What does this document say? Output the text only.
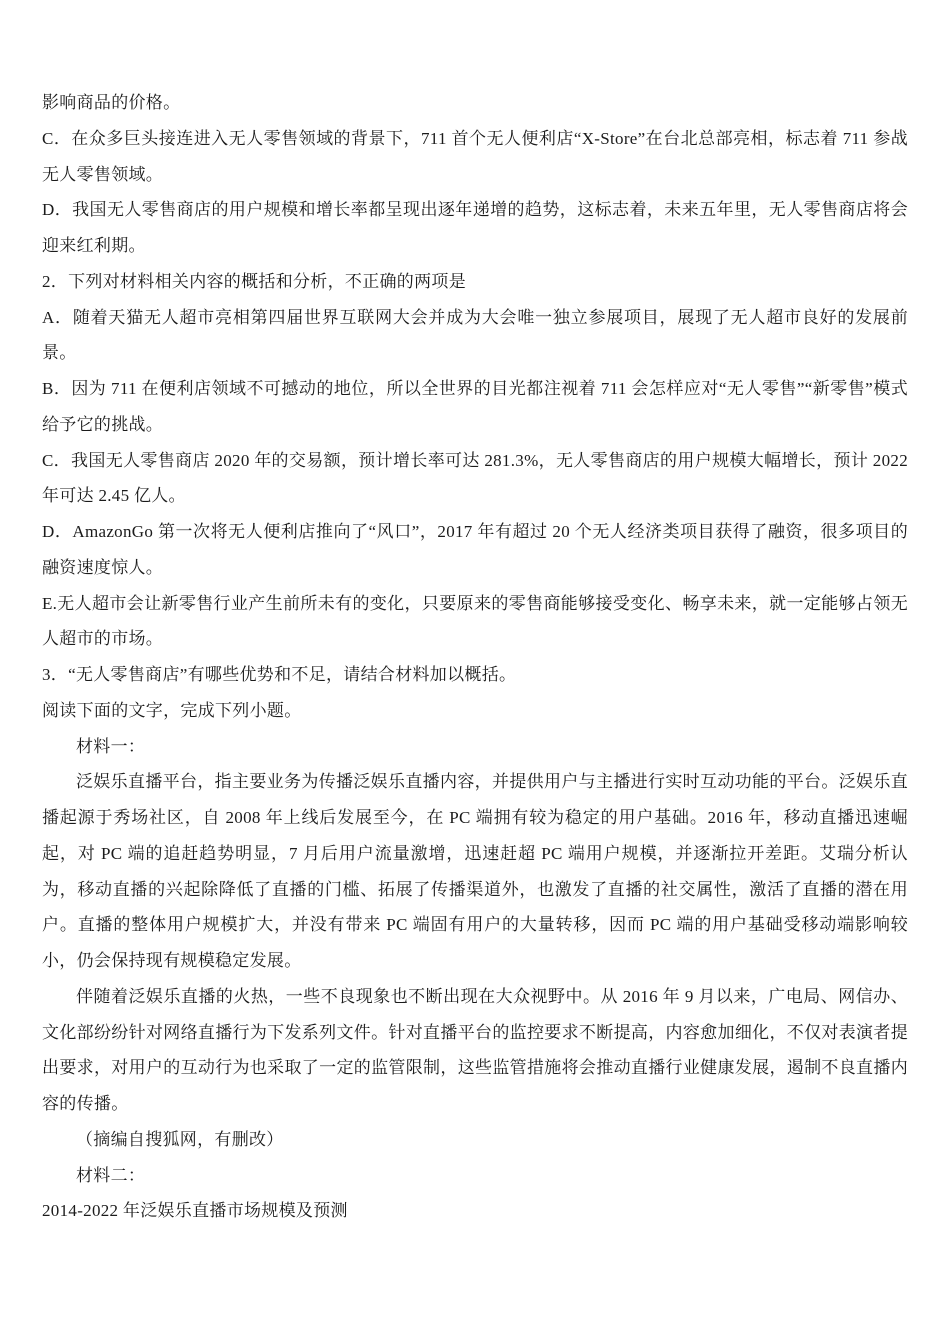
影响商品的价格。

C．在众多巨头接连进入无人零售领域的背景下，711 首个无人便利店“X-Store”在台北总部亮相，标志着 711 参战无人零售领域。

D．我国无人零售商店的用户规模和增长率都呈现出逐年递增的趋势，这标志着，未来五年里，无人零售商店将会迎来红利期。

2．下列对材料相关内容的概括和分析，不正确的两项是

A．随着天猫无人超市亮相第四届世界互联网大会并成为大会唯一独立参展项目，展现了无人超市良好的发展前景。

B．因为 711 在便利店领域不可撼动的地位，所以全世界的目光都注视着 711 会怎样应对“无人零售”“新零售”模式给予它的挑战。

C．我国无人零售商店 2020 年的交易额，预计增长率可达 281.3%，无人零售商店的用户规模大幅增长，预计 2022 年可达 2.45 亿人。

D．AmazonGo 第一次将无人便利店推向了“风口”，2017 年有超过 20 个无人经济类项目获得了融资，很多项目的融资速度惊人。

E.无人超市会让新零售行业产生前所未有的变化，只要原来的零售商能够接受变化、畅享未来，就一定能够占领无人超市的市场。

3．“无人零售商店”有哪些优势和不足，请结合材料加以概括。

阅读下面的文字，完成下列小题。

材料一：

泛娱乐直播平台，指主要业务为传播泛娱乐直播内容，并提供用户与主播进行实时互动功能的平台。泛娱乐直播起源于秀场社区，自 2008 年上线后发展至今，在 PC 端拥有较为稳定的用户基础。2016 年，移动直播迅速崛起，对 PC 端的追赶趋势明显，7 月后用户流量激增，迅速赶超 PC 端用户规模，并逐渐拉开差距。艾瑞分析认为，移动直播的兴起除降低了直播的门槛、拓展了传播渠道外，也激发了直播的社交属性，激活了直播的潜在用户。直播的整体用户规模扩大，并没有带来 PC 端固有用户的大量转移，因而 PC 端的用户基础受移动端影响较小，仍会保持现有规模稳定发展。

伴随着泛娱乐直播的火热，一些不良现象也不断出现在大众视野中。从 2016 年 9 月以来，广电局、网信办、文化部纷纷针对网络直播行为下发系列文件。针对直播平台的监控要求不断提高，内容愈加细化，不仅对表演者提出要求，对用户的互动行为也采取了一定的监管限制，这些监管措施将会推动直播行业健康发展，遏制不良直播内容的传播。

（摘编自搜狐网，有删改）

材料二：

2014-2022 年泛娱乐直播市场规模及预测
